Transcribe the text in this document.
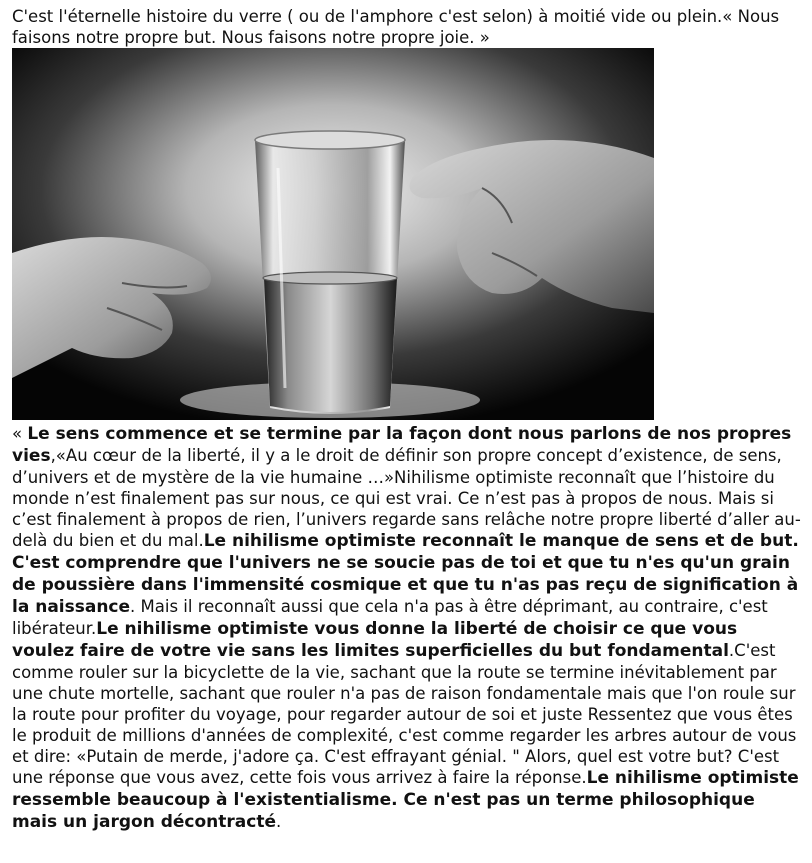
C'est l'éternelle histoire du verre ( ou de l'amphore c'est selon) à moitié vide ou plein.« Nous faisons notre propre but. Nous faisons notre propre joie. »

« Le sens commence et se termine par la façon dont nous parlons de nos propres vies,«Au cœur de la liberté, il y a le droit de définir son propre concept d’existence, de sens, d’univers et de mystère de la vie humaine …»Nihilisme optimiste reconnaît que l’histoire du monde n’est finalement pas sur nous, ce qui est vrai. Ce n’est pas à propos de nous. Mais si c’est finalement à propos de rien, l’univers regarde sans relâche notre propre liberté d’aller au-delà du bien et du mal.Le nihilisme optimiste reconnaît le manque de sens et de but. C'est comprendre que l'univers ne se soucie pas de toi et que tu n'es qu'un grain de poussière dans l'immensité cosmique et que tu n'as pas reçu de signification à la naissance. Mais il reconnaît aussi que cela n'a pas à être déprimant, au contraire, c'est libérateur.Le nihilisme optimiste vous donne la liberté de choisir ce que vous voulez faire de votre vie sans les limites superficielles du but fondamental.C'est comme rouler sur la bicyclette de la vie, sachant que la route se termine inévitablement par une chute mortelle, sachant que rouler n'a pas de raison fondamentale mais que l'on roule sur la route pour profiter du voyage, pour regarder autour de soi et juste Ressentez que vous êtes le produit de millions d'années de complexité, c'est comme regarder les arbres autour de vous et dire: «Putain de merde, j'adore ça. C'est effrayant génial. " Alors, quel est votre but? C'est une réponse que vous avez, cette fois vous arrivez à faire la réponse.Le nihilisme optimiste ressemble beaucoup à l'existentialisme. Ce n'est pas un terme philosophique mais un jargon décontracté.
